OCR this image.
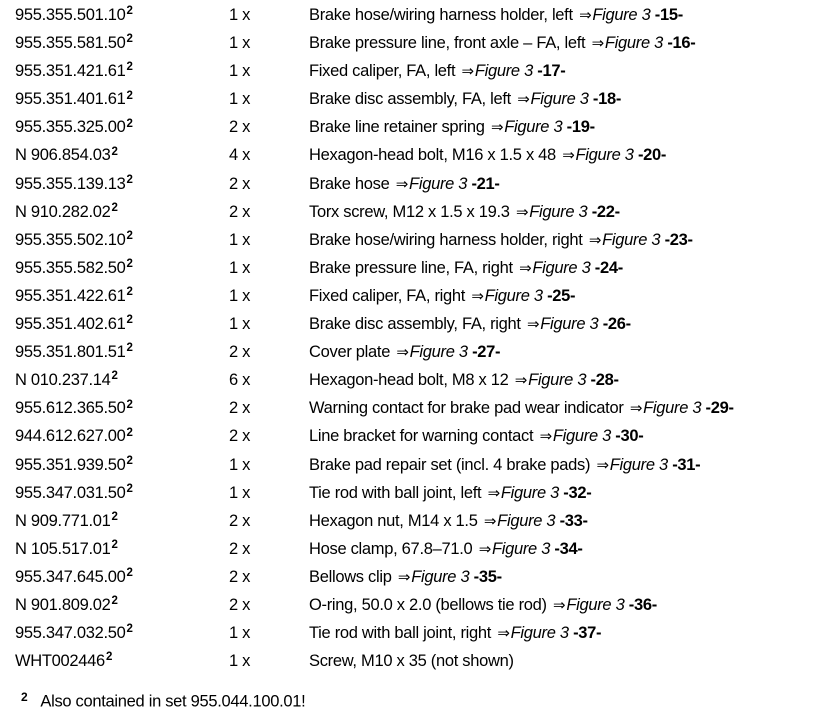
955.355.501.10$^2$	1 x	Brake hose/wiring harness holder, left ⇒Figure 3 -15-
955.355.581.50$^2$	1 x	Brake pressure line, front axle – FA, left ⇒Figure 3 -16-
955.351.421.61$^2$	1 x	Fixed caliper, FA, left ⇒Figure 3 -17-
955.351.401.61$^2$	1 x	Brake disc assembly, FA, left ⇒Figure 3 -18-
955.355.325.00$^2$	2 x	Brake line retainer spring ⇒Figure 3 -19-
N 906.854.03$^2$	4 x	Hexagon-head bolt, M16 x 1.5 x 48 ⇒Figure 3 -20-
955.355.139.13$^2$	2 x	Brake hose ⇒Figure 3 -21-
N 910.282.02$^2$	2 x	Torx screw, M12 x 1.5 x 19.3 ⇒Figure 3 -22-
955.355.502.10$^2$	1 x	Brake hose/wiring harness holder, right ⇒Figure 3 -23-
955.355.582.50$^2$	1 x	Brake pressure line, FA, right ⇒Figure 3 -24-
955.351.422.61$^2$	1 x	Fixed caliper, FA, right ⇒Figure 3 -25-
955.351.402.61$^2$	1 x	Brake disc assembly, FA, right ⇒Figure 3 -26-
955.351.801.51$^2$	2 x	Cover plate ⇒Figure 3 -27-
N 010.237.14$^2$	6 x	Hexagon-head bolt, M8 x 12 ⇒Figure 3 -28-
955.612.365.50$^2$	2 x	Warning contact for brake pad wear indicator ⇒Figure 3 -29-
944.612.627.00$^2$	2 x	Line bracket for warning contact ⇒Figure 3 -30-
955.351.939.50$^2$	1 x	Brake pad repair set (incl. 4 brake pads) ⇒Figure 3 -31-
955.347.031.50$^2$	1 x	Tie rod with ball joint, left ⇒Figure 3 -32-
N 909.771.01$^2$	2 x	Hexagon nut, M14 x 1.5 ⇒Figure 3 -33-
N 105.517.01$^2$	2 x	Hose clamp, 67.8–71.0 ⇒Figure 3 -34-
955.347.645.00$^2$	2 x	Bellows clip ⇒Figure 3 -35-
N 901.809.02$^2$	2 x	O-ring, 50.0 x 2.0 (bellows tie rod) ⇒Figure 3 -36-
955.347.032.50$^2$	1 x	Tie rod with ball joint, right ⇒Figure 3 -37-
WHT002446$^2$	1 x	Screw, M10 x 35 (not shown)
$^2$ Also contained in set 955.044.100.01!
